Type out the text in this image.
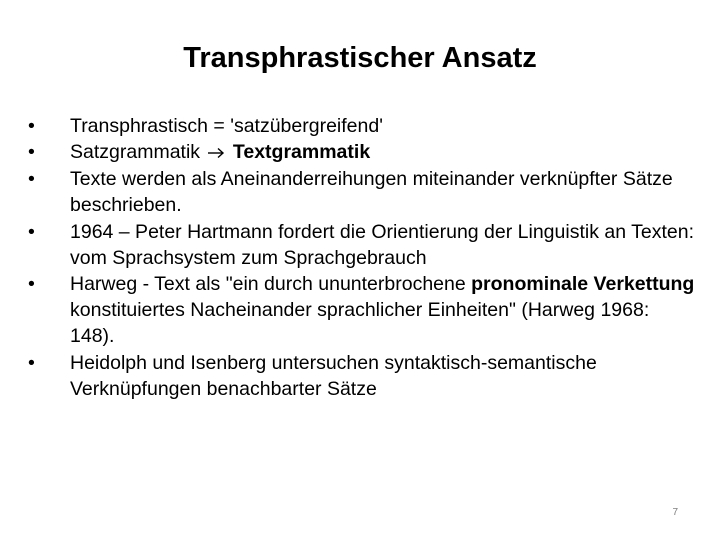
Transphrastischer Ansatz
•	Transphrastisch = 'satzübergreifend'
•	Satzgrammatik Textgrammatik
•	Texte werden als Aneinanderreihungen miteinander verknüpfter Sätze beschrieben.
•	1964 – Peter Hartmann fordert die Orientierung der Linguistik an Texten: vom Sprachsystem zum Sprachgebrauch
•	Harweg - Text als "ein durch ununterbrochene pronominale Verkettung konstituiertes Nacheinander sprachlicher Einheiten" (Harweg 1968: 148).
•	Heidolph und Isenberg untersuchen syntaktisch-semantische Verknüpfungen benachbarter Sätze
7
